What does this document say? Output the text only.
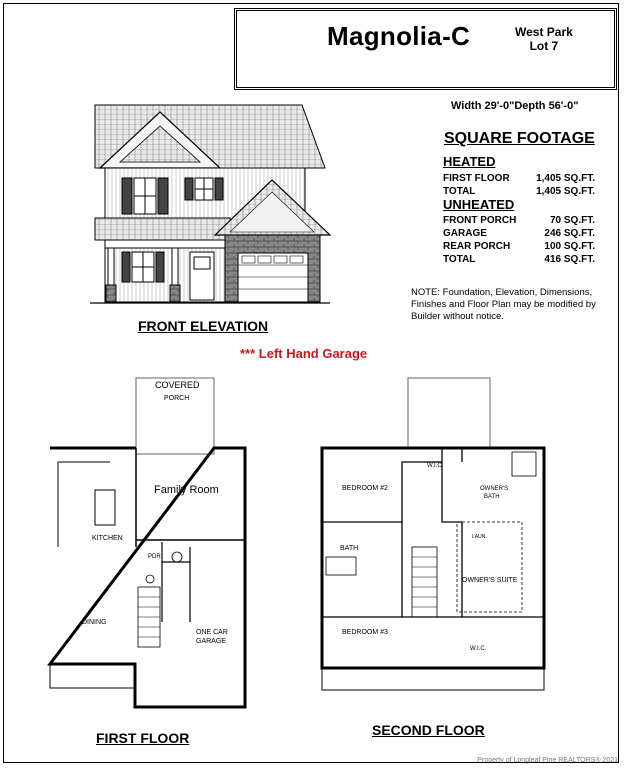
Magnolia-C	West Park
Lot 7
Width 29'-0"Depth 56'-0"
SQUARE FOOTAGE
HEATED
FIRST FLOOR	1,405 SQ.FT.
TOTAL	1,405 SQ.FT.
UNHEATED
FRONT PORCH	70 SQ.FT.
GARAGE	246 SQ.FT.
REAR PORCH	100 SQ.FT.
TOTAL	416 SQ.FT.
NOTE: Foundation, Elevation, Dimensions, Finishes and Floor Plan may be modified by Builder without notice.
FRONT ELEVATION
*** Left Hand Garage
COVERED
PORCH
Family Room
KITCHEN
PDR
DINING
ONE CAR
GARAGE
FIRST FLOOR
BEDROOM #2
W.I.C.
OWNER'S
BATH
LAUN.
BATH
OWNER'S SUITE
BEDROOM #3
W.I.C.
SECOND FLOOR
Property of Longleaf Pine REALTORS® 2021
